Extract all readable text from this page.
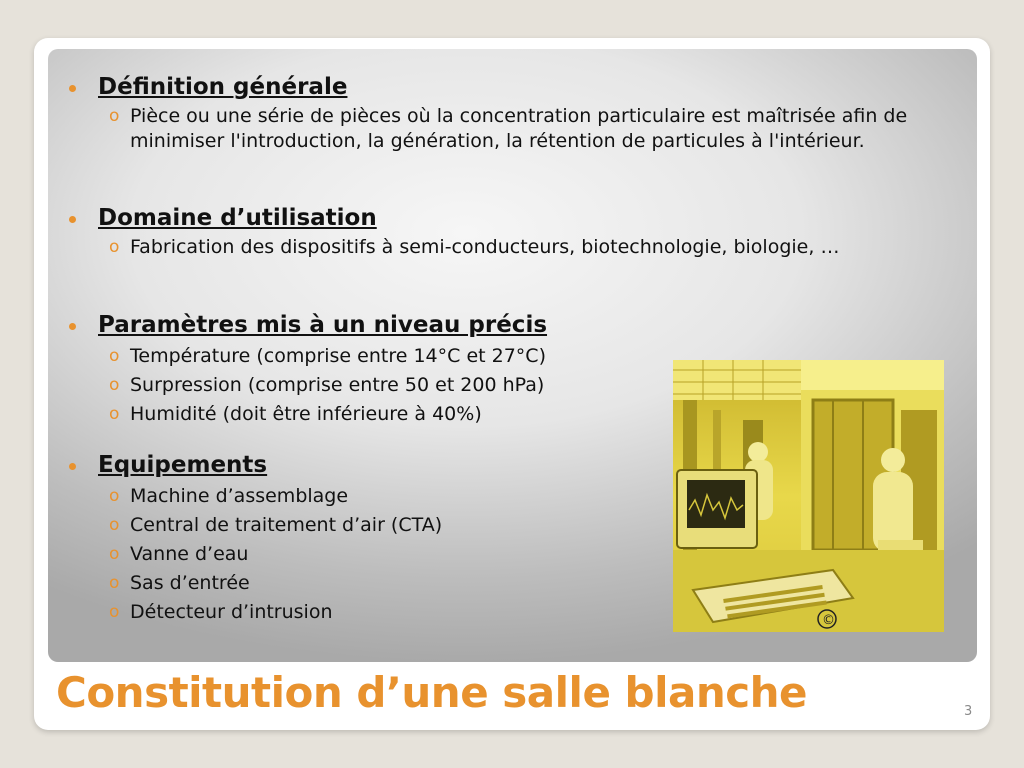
Définition générale
o Pièce ou une série de pièces où la concentration particulaire est maîtrisée afin de minimiser l'introduction, la génération, la rétention de particules à l'intérieur.
Domaine d’utilisation
o Fabrication des dispositifs à semi-conducteurs, biotechnologie, biologie, …
Paramètres mis à un niveau précis
o Température (comprise entre 14°C et 27°C)
o Surpression (comprise entre 50 et 200 hPa)
o Humidité (doit être inférieure à 40%)
Equipements
o Machine d’assemblage
o Central de traitement d’air (CTA)
o Vanne d’eau
o Sas d’entrée
o Détecteur d’intrusion	©
Constitution d’une salle blanche	3
